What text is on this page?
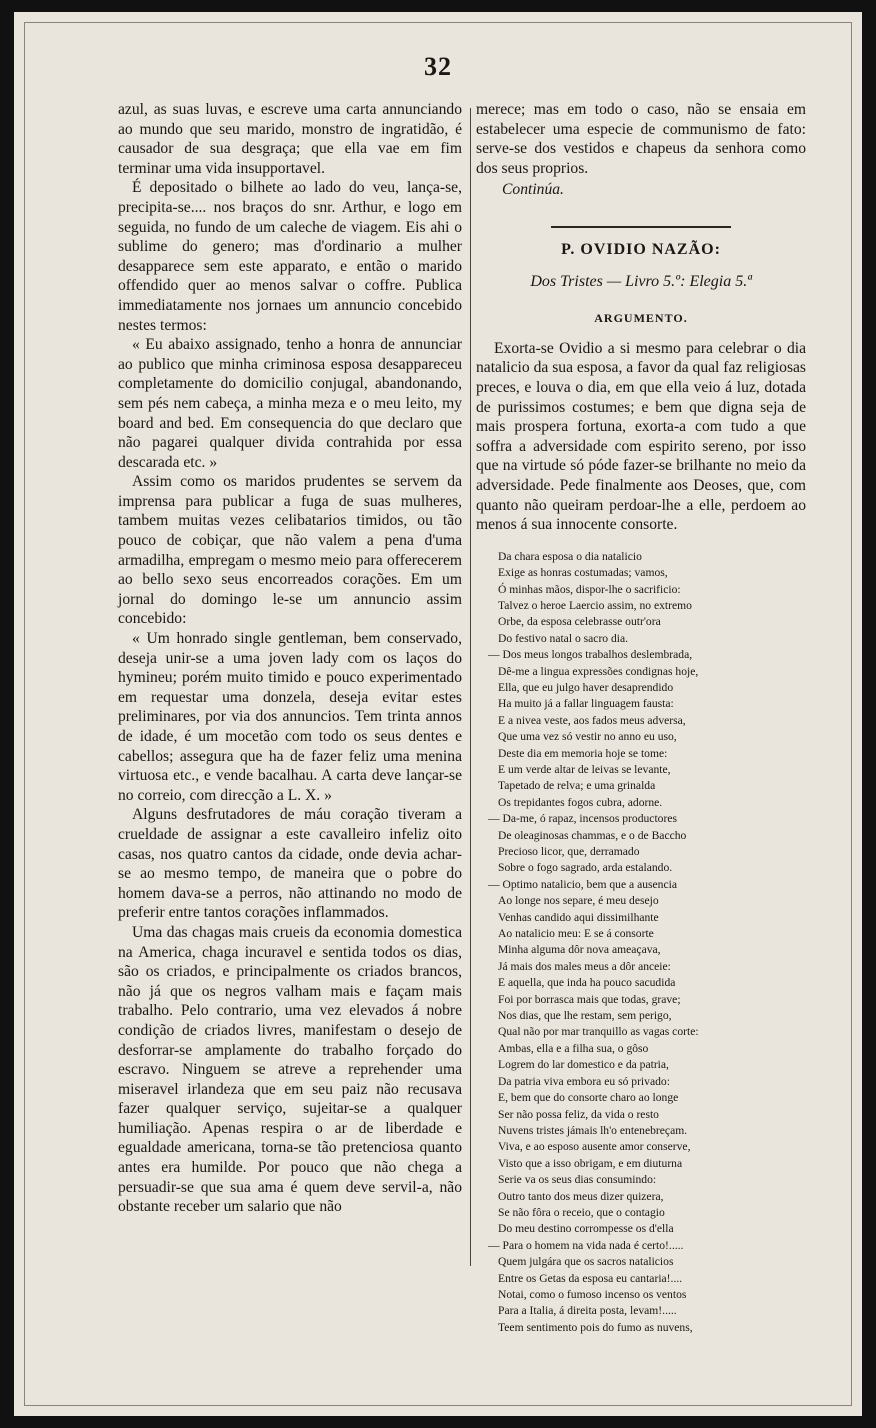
32

azul, as suas luvas, e escreve uma carta annunciando ao mundo que seu marido, monstro de ingratidão, é causador de sua desgraça; que ella vae em fim terminar uma vida insupportavel.

É depositado o bilhete ao lado do veu, lança-se, precipita-se.... nos braços do snr. Arthur, e logo em seguida, no fundo de um caleche de viagem. Eis ahi o sublime do genero; mas d'ordinario a mulher desapparece sem este apparato, e então o marido offendido quer ao menos salvar o coffre. Publica immediatamente nos jornaes um annuncio concebido nestes termos:

« Eu abaixo assignado, tenho a honra de annunciar ao publico que minha criminosa esposa desappareceu completamente do domicilio conjugal, abandonando, sem pés nem cabeça, a minha meza e o meu leito, my board and bed. Em consequencia do que declaro que não pagarei qualquer divida contrahida por essa descarada etc. »

Assim como os maridos prudentes se servem da imprensa para publicar a fuga de suas mulheres, tambem muitas vezes celibatarios timidos, ou tão pouco de cobiçar, que não valem a pena d'uma armadilha, empregam o mesmo meio para offerecerem ao bello sexo seus encorreados corações. Em um jornal do domingo le-se um annuncio assim concebido:

« Um honrado single gentleman, bem conservado, deseja unir-se a uma joven lady com os laços do hymineu; porém muito timido e pouco experimentado em requestar uma donzela, deseja evitar estes preliminares, por via dos annuncios. Tem trinta annos de idade, é um mocetão com todo os seus dentes e cabellos; assegura que ha de fazer feliz uma menina virtuosa etc., e vende bacalhau. A carta deve lançar-se no correio, com direcção a L. X. »

Alguns desfrutadores de máu coração tiveram a crueldade de assignar a este cavalleiro infeliz oito casas, nos quatro cantos da cidade, onde devia achar-se ao mesmo tempo, de maneira que o pobre do homem dava-se a perros, não attinando no modo de preferir entre tantos corações inflammados.

Uma das chagas mais crueis da economia domestica na America, chaga incuravel e sentida todos os dias, são os criados, e principalmente os criados brancos, não já que os negros valham mais e façam mais trabalho. Pelo contrario, uma vez elevados á nobre condição de criados livres, manifestam o desejo de desforrar-se amplamente do trabalho forçado do escravo. Ninguem se atreve a reprehender uma miseravel irlandeza que em seu paiz não recusava fazer qualquer serviço, sujeitar-se a qualquer humiliação. Apenas respira o ar de liberdade e egualdade americana, torna-se tão pretenciosa quanto antes era humilde. Por pouco que não chega a persuadir-se que sua ama é quem deve servil-a, não obstante receber um salario que não

merece; mas em todo o caso, não se ensaia em estabelecer uma especie de communismo de fato: serve-se dos vestidos e chapeus da senhora como dos seus proprios.

Continúa.
P. OVIDIO NAZÃO:
Dos Tristes — Livro 5.º: Elegia 5.ª
ARGUMENTO.

Exorta-se Ovidio a si mesmo para celebrar o dia natalicio da sua esposa, a favor da qual faz religiosas preces, e louva o dia, em que ella veio á luz, dotada de purissimos costumes; e bem que digna seja de mais prospera fortuna, exorta-a com tudo a que soffra a adversidade com espirito sereno, por isso que na virtude só póde fazer-se brilhante no meio da adversidade. Pede finalmente aos Deoses, que, com quanto não queiram perdoar-lhe a elle, perdoem ao menos á sua innocente consorte.

Da chara esposa o dia natalicio
Exige as honras costumadas; vamos,
Ó minhas mãos, dispor-lhe o sacrificio:
Talvez o heroe Laercio assim, no extremo
Orbe, da esposa celebrasse outr'ora
Do festivo natal o sacro dia.
— Dos meus longos trabalhos deslembrada,
Dê-me a lingua expressões condignas hoje,
Ella, que eu julgo haver desaprendido
Ha muito já a fallar linguagem fausta:
E a nivea veste, aos fados meus adversa,
Que uma vez só vestir no anno eu uso,
Deste dia em memoria hoje se tome:
E um verde altar de leivas se levante,
Tapetado de relva; e uma grinalda
Os trepidantes fogos cubra, adorne.
— Da-me, ó rapaz, incensos productores
De oleaginosas chammas, e o de Baccho
Precioso licor, que, derramado
Sobre o fogo sagrado, arda estalando.
— Optimo natalicio, bem que a ausencia
Ao longe nos separe, é meu desejo
Venhas candido aqui dissimilhante
Ao natalicio meu: E se á consorte
Minha alguma dôr nova ameaçava,
Já mais dos males meus a dôr anceie:
E aquella, que inda ha pouco sacudida
Foi por borrasca mais que todas, grave;
Nos dias, que lhe restam, sem perigo,
Qual não por mar tranquillo as vagas corte:
Ambas, ella e a filha sua, o gôso
Logrem do lar domestico e da patria,
Da patria viva embora eu só privado:
E, bem que do consorte charo ao longe
Ser não possa feliz, da vida o resto
Nuvens tristes jámais lh'o entenebreçam.
Viva, e ao esposo ausente amor conserve,
Visto que a isso obrigam, e em diuturna
Serie va os seus dias consumindo:
Outro tanto dos meus dizer quizera,
Se não fôra o receio, que o contagio
Do meu destino corrompesse os d'ella
— Para o homem na vida nada é certo!.....
Quem julgára que os sacros natalicios
Entre os Getas da esposa eu cantaria!....
Notai, como o fumoso incenso os ventos
Para a Italia, á direita posta, levam!.....
Teem sentimento pois do fumo as nuvens,
